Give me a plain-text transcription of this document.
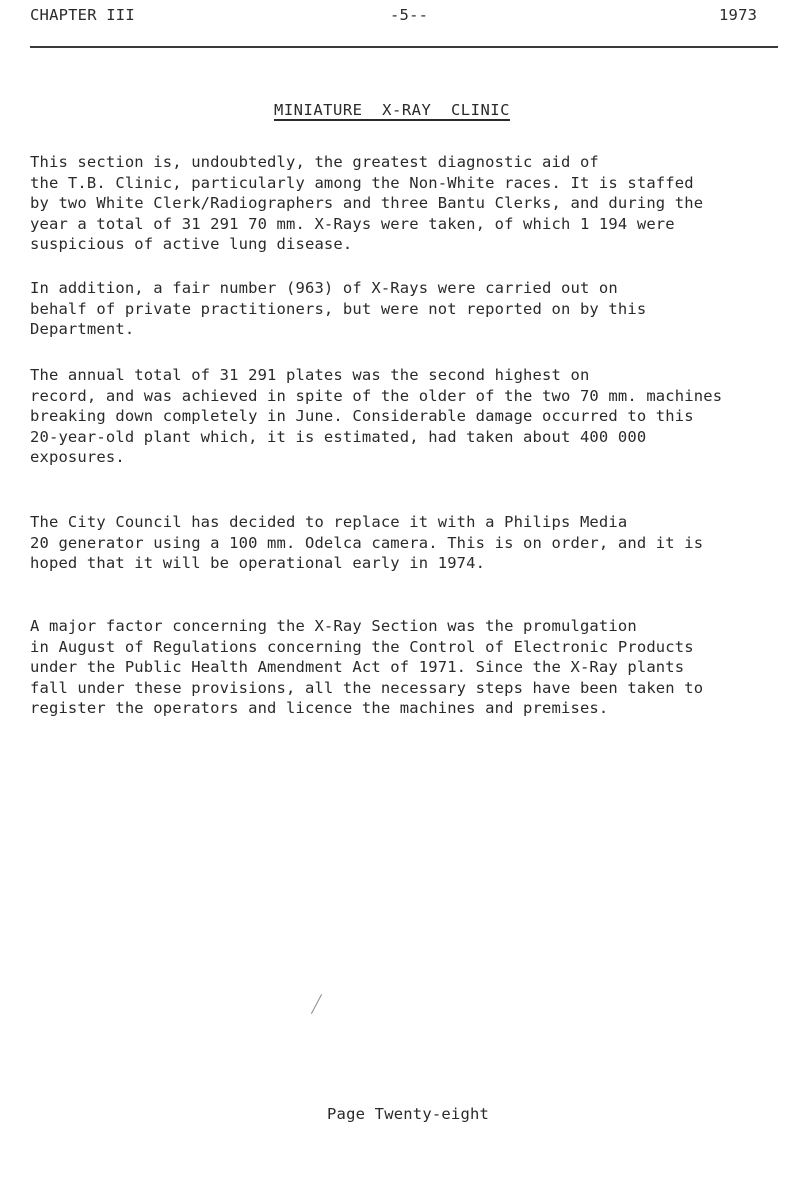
CHAPTER III	-5--	1973
MINIATURE  X-RAY  CLINIC

This section is, undoubtedly, the greatest diagnostic aid of
the T.B. Clinic, particularly among the Non-White races. It is staffed
by two White Clerk/Radiographers and three Bantu Clerks, and during the
year a total of 31 291 70 mm. X-Rays were taken, of which 1 194 were
suspicious of active lung disease.

In addition, a fair number (963) of X-Rays were carried out on
behalf of private practitioners, but were not reported on by this
Department.

The annual total of 31 291 plates was the second highest on
record, and was achieved in spite of the older of the two 70 mm. machines
breaking down completely in June. Considerable damage occurred to this
20-year-old plant which, it is estimated, had taken about 400 000
exposures.

The City Council has decided to replace it with a Philips Media
20 generator using a 100 mm. Odelca camera. This is on order, and it is
hoped that it will be operational early in 1974.

A major factor concerning the X-Ray Section was the promulgation
in August of Regulations concerning the Control of Electronic Products
under the Public Health Amendment Act of 1971. Since the X-Ray plants
fall under these provisions, all the necessary steps have been taken to
register the operators and licence the machines and premises.

Page Twenty-eight
